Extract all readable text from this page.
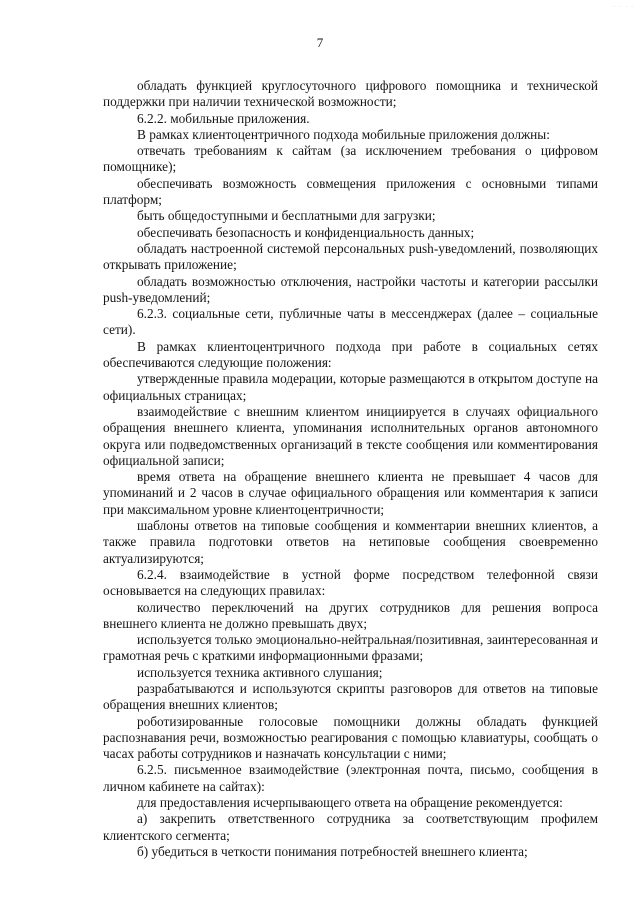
· · · ·
7

обладать функцией круглосуточного цифрового помощника и технической поддержки при наличии технической возможности;

6.2.2. мобильные приложения.

В рамках клиентоцентричного подхода мобильные приложения должны:

отвечать требованиям к сайтам (за исключением требования о цифровом помощнике);

обеспечивать возможность совмещения приложения с основными типами платформ;

быть общедоступными и бесплатными для загрузки;

обеспечивать безопасность и конфиденциальность данных;

обладать настроенной системой персональных push-уведомлений, позволяющих открывать приложение;

обладать возможностью отключения, настройки частоты и категории рассылки push-уведомлений;

6.2.3. социальные сети, публичные чаты в мессенджерах (далее – социальные сети).

В рамках клиентоцентричного подхода при работе в социальных сетях обеспечиваются следующие положения:

утвержденные правила модерации, которые размещаются в открытом доступе на официальных страницах;

взаимодействие с внешним клиентом инициируется в случаях официального обращения внешнего клиента, упоминания исполнительных органов автономного округа или подведомственных организаций в тексте сообщения или комментирования официальной записи;

время ответа на обращение внешнего клиента не превышает 4 часов для упоминаний и 2 часов в случае официального обращения или комментария к записи при максимальном уровне клиентоцентричности;

шаблоны ответов на типовые сообщения и комментарии внешних клиентов, а также правила подготовки ответов на нетиповые сообщения своевременно актуализируются;

6.2.4. взаимодействие в устной форме посредством телефонной связи основывается на следующих правилах:

количество переключений на других сотрудников для решения вопроса внешнего клиента не должно превышать двух;

используется только эмоционально-нейтральная/позитивная, заинтересованная и грамотная речь с краткими информационными фразами;

используется техника активного слушания;

разрабатываются и используются скрипты разговоров для ответов на типовые обращения внешних клиентов;

роботизированные голосовые помощники должны обладать функцией распознавания речи, возможностью реагирования с помощью клавиатуры, сообщать о часах работы сотрудников и назначать консультации с ними;

6.2.5. письменное взаимодействие (электронная почта, письмо, сообщения в личном кабинете на сайтах):

для предоставления исчерпывающего ответа на обращение рекомендуется:

а) закрепить ответственного сотрудника за соответствующим профилем клиентского сегмента;

б) убедиться в четкости понимания потребностей внешнего клиента;
